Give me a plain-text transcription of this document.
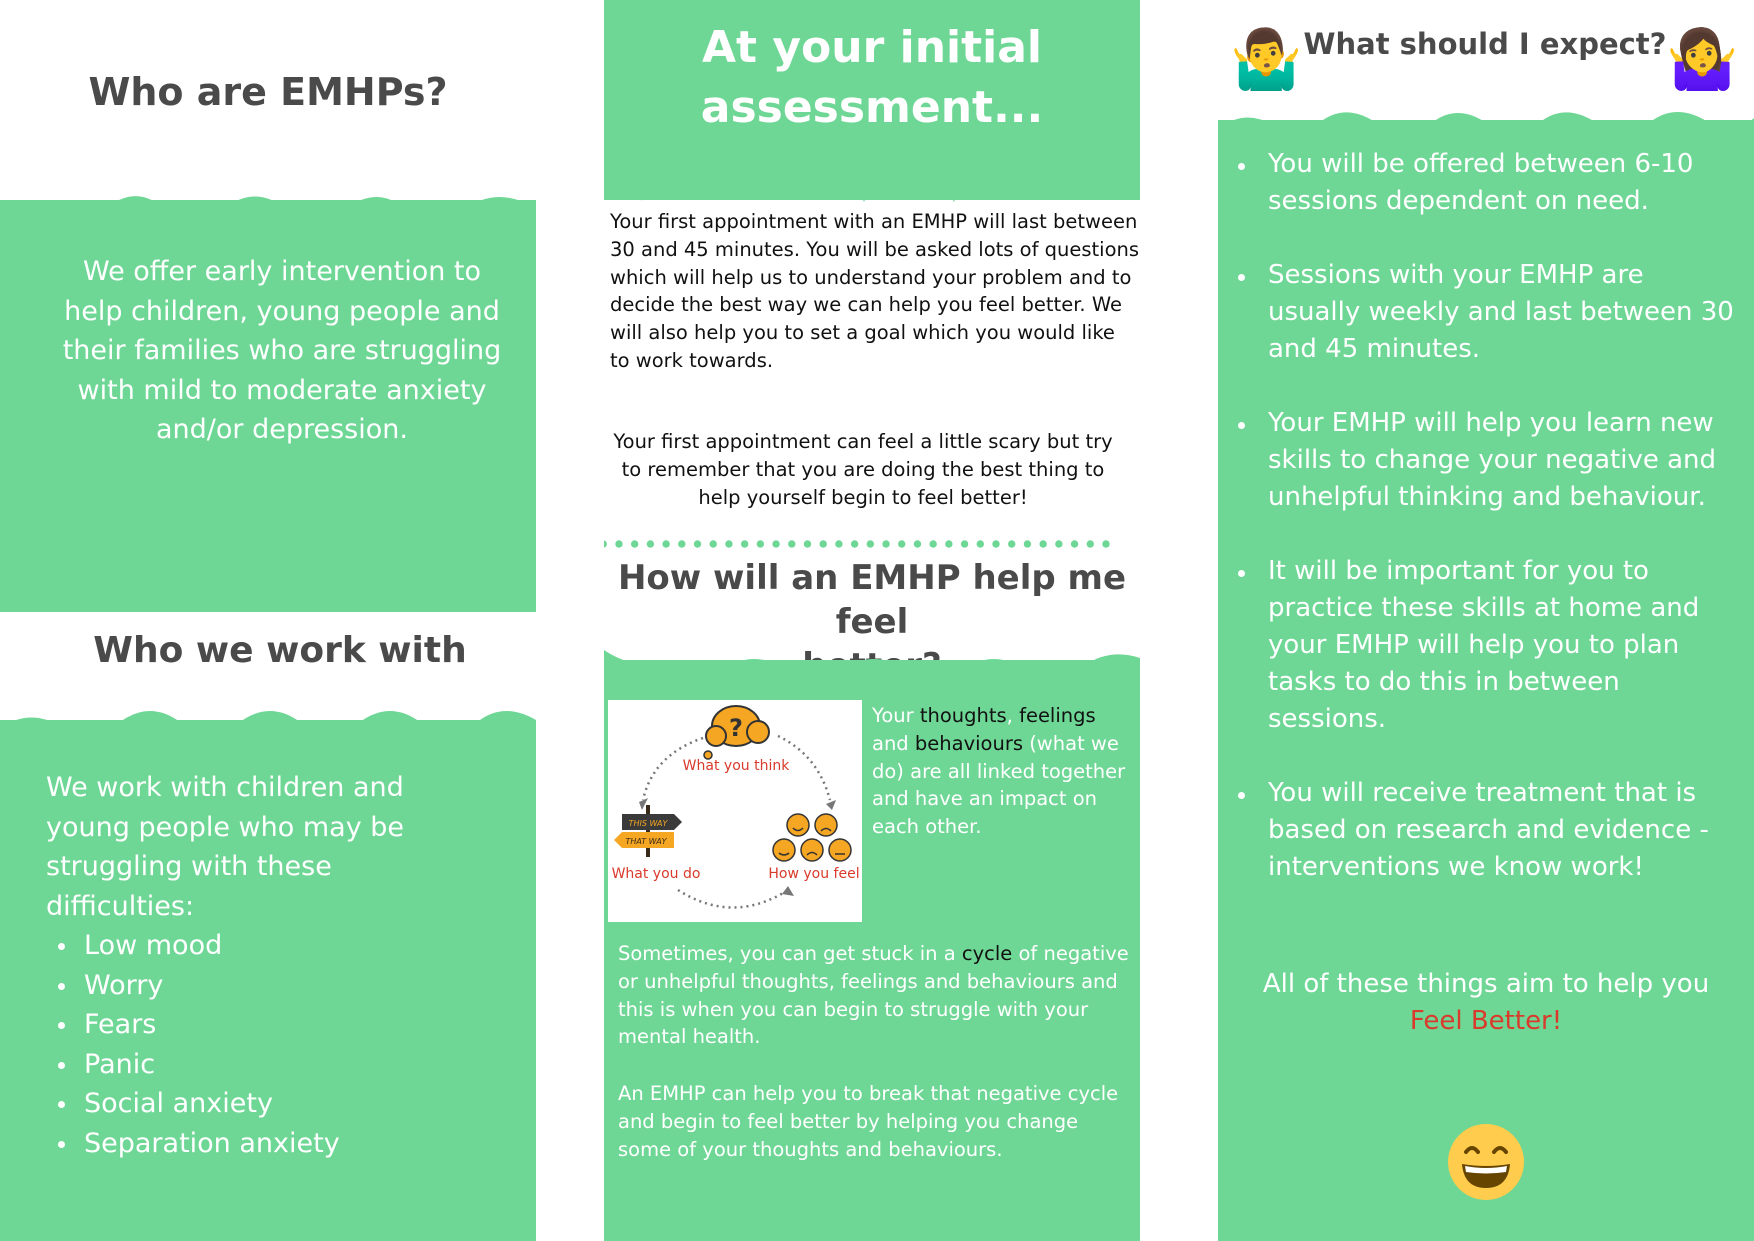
Who are EMHPs?

We offer early intervention to help children, young people and their families who are struggling with mild to moderate anxiety and/or depression.

Who we work with

We work with children and young people who may be struggling with these difficulties:

Low mood
Worry
Fears
Panic
Social anxiety
Separation anxiety
At your initial
assessment...

Your first appointment with an EMHP will last between 30 and 45 minutes. You will be asked lots of questions which will help us to understand your problem and to decide the best way we can help you feel better. We will also help you to set a goal which you would like to work towards.

Your first appointment can feel a little scary but try to remember that you are doing the best thing to help yourself begin to feel better!

How will an EMHP help me feel
?
What you think
THIS WAY
THAT WAY
What you do	How you feel

Your thoughts, feelings and behaviours (what we do) are all linked together and have an impact on each other.

Sometimes, you can get stuck in a cycle of negative or unhelpful thoughts, feelings and behaviours and this is when you can begin to struggle with your mental health.

An EMHP can help you to break that negative cycle and begin to feel better by helping you change some of your thoughts and behaviours.

🤷‍♂️ What should I expect? 🤷‍♀️
You will be offered between 6-10 sessions dependent on need.
Sessions with your EMHP are usually weekly and last between 30 and 45 minutes.
Your EMHP will help you learn new skills to change your negative and unhelpful thinking and behaviour.
It will be important for you to practice these skills at home and your EMHP will help you to plan tasks to do this in between sessions.
You will receive treatment that is based on research and evidence - interventions we know work!
All of these things aim to help you
Feel Better!
